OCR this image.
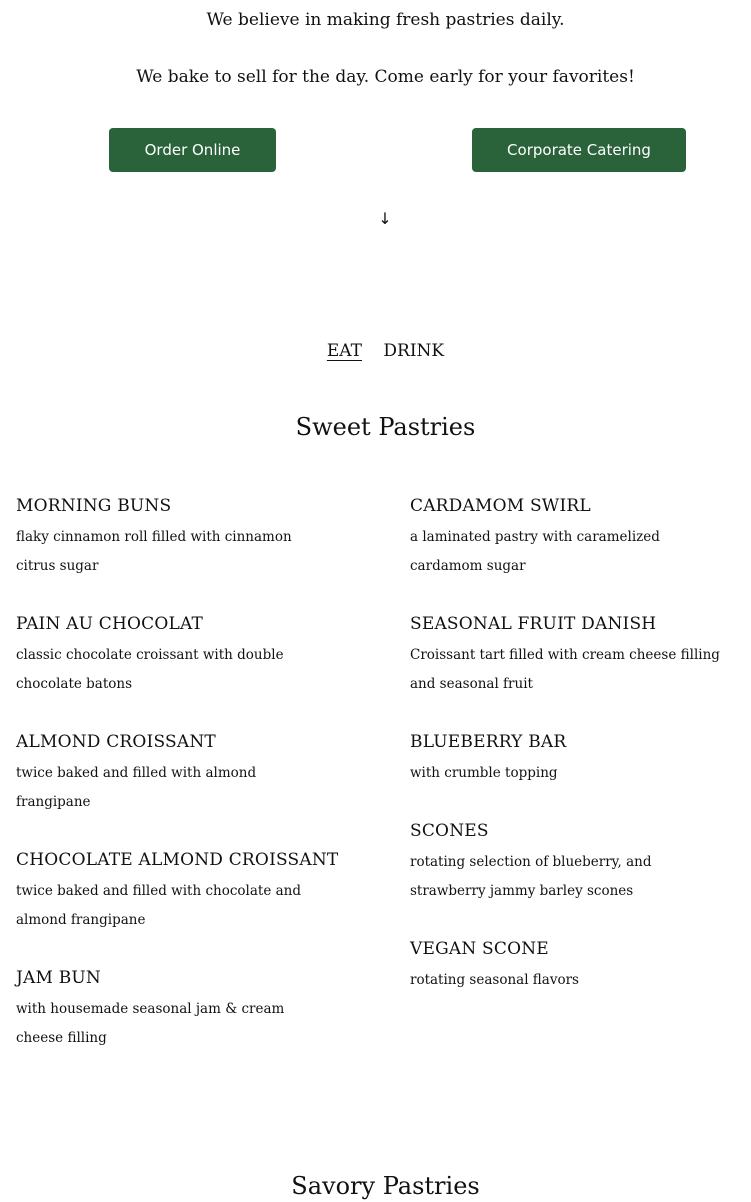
We believe in making fresh pastries daily.
We bake to sell for the day. Come early for your favorites!
Order Online	Corporate Catering
↓
EAT DRINK
Sweet Pastries
MORNING BUNS
flaky cinnamon roll filled with cinnamon citrus sugar
PAIN AU CHOCOLAT
classic chocolate croissant with double chocolate batons
ALMOND CROISSANT
twice baked and filled with almond frangipane
CHOCOLATE ALMOND CROISSANT
twice baked and filled with chocolate and almond frangipane
JAM BUN
with housemade seasonal jam & cream cheese filling
CARDAMOM SWIRL
a laminated pastry with caramelized cardamom sugar
SEASONAL FRUIT DANISH
Croissant tart filled with cream cheese filling and seasonal fruit
BLUEBERRY BAR
with crumble topping
SCONES
rotating selection of blueberry, and strawberry jammy barley scones
VEGAN SCONE
rotating seasonal flavors
Savory Pastries
